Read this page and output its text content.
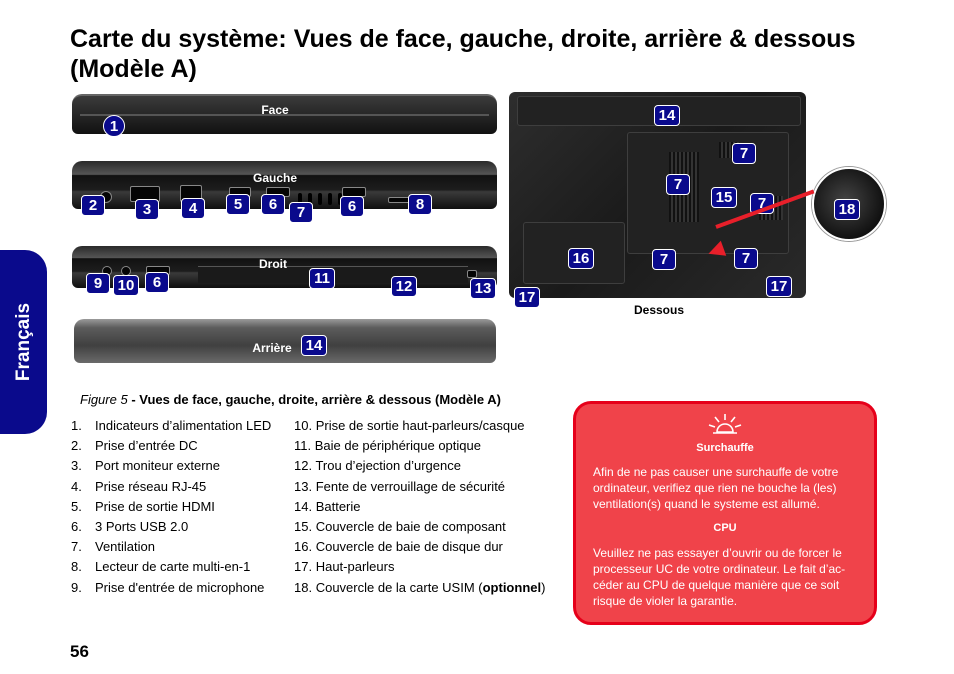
Carte du système: Vues de face, gauche, droite, arrière & dessous (Modèle A)
Français
Face
1
Gauche
2	3	4	5	6	7	6	8
Droit
9	10	6	11	12	13
Arrière 14
14
7
7
15	7	18
16	7	7
17
17
Dessous
Figure 5 - Vues de face, gauche, droite, arrière & dessous (Modèle A)
1. Indicateurs d’alimentation LED
2. Prise d’entrée DC
3. Port moniteur externe
4. Prise réseau RJ-45
5. Prise de sortie HDMI
6. 3 Ports USB 2.0
7. Ventilation
8. Lecteur de carte multi-en-1
9. Prise d'entrée de microphone
10. Prise de sortie haut-parleurs/casque
11. Baie de périphérique optique
12. Trou d’ejection d’urgence
13. Fente de verrouillage de sécurité
14. Batterie
15. Couvercle de baie de composant
16. Couvercle de baie de disque dur
17. Haut-parleurs
18. Couvercle de la carte USIM (optionnel)
Surchauffe

Afin de ne pas causer une surchauffe de votre ordinateur, verifiez que rien ne bouche la (les) ventilation(s) quand le systeme est allumé.

CPU

Veuillez ne pas essayer d’ouvrir ou de forcer le processeur UC de votre ordinateur. Le fait d’accéder au CPU de quelque manière que ce soit risque de violer la garantie.

56
